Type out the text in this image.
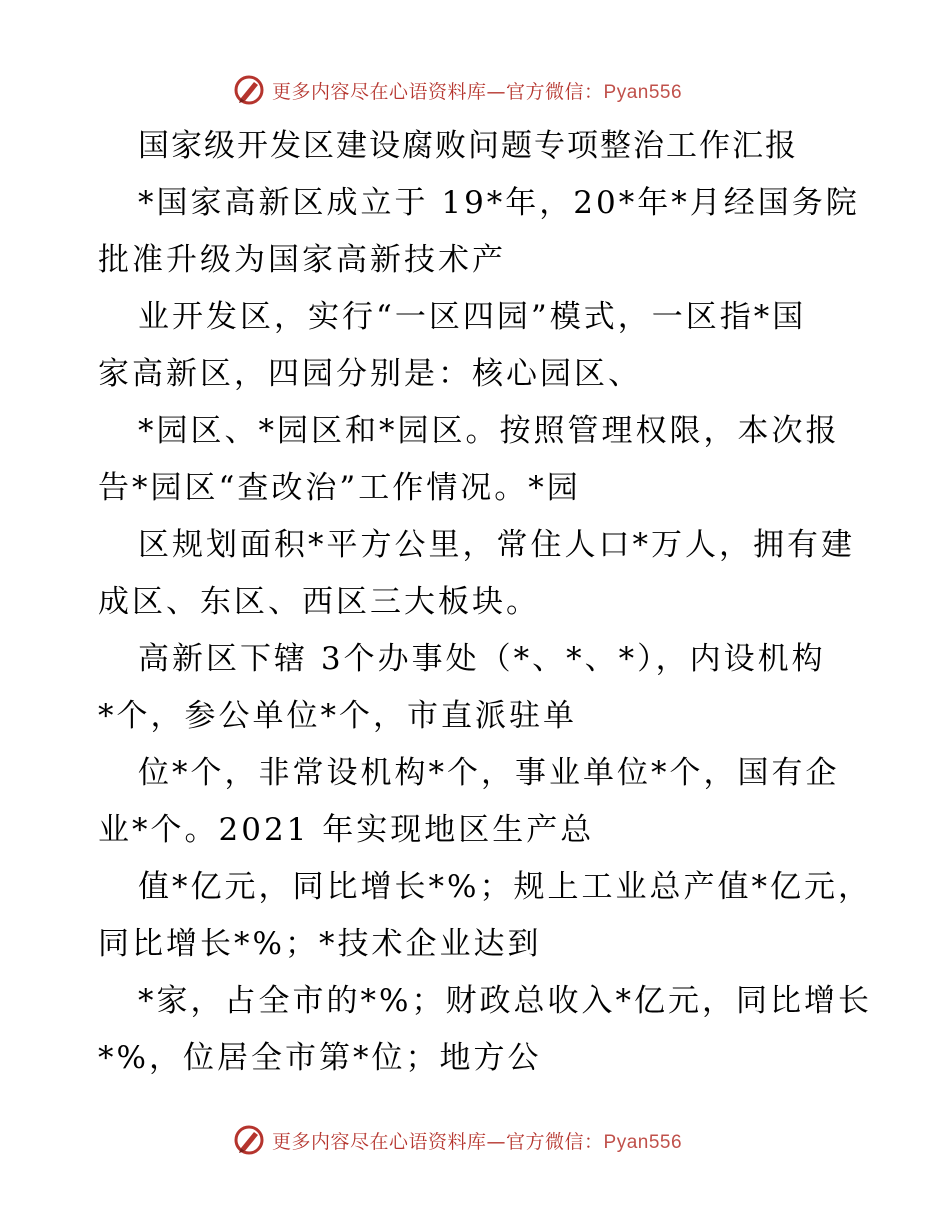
更多内容尽在心语资料库—官方微信：Pyan556
国家级开发区建设腐败问题专项整治工作汇报
*国家高新区成立于 19*年，20*年*月经国务院
批准升级为国家高新技术产
业开发区，实行“一区四园”模式，一区指*国
家高新区，四园分别是：核心园区、
*园区、*园区和*园区。按照管理权限，本次报
告*园区“查改治”工作情况。*园
区规划面积*平方公里，常住人口*万人，拥有建
成区、东区、西区三大板块。
高新区下辖 3个办事处（*、*、*），内设机构
*个，参公单位*个，市直派驻单
位*个，非常设机构*个，事业单位*个，国有企
业*个。2021 年实现地区生产总
值*亿元，同比增长*%；规上工业总产值*亿元，
同比增长*%；*技术企业达到
*家，占全市的*%；财政总收入*亿元，同比增长
*%，位居全市第*位；地方公
更多内容尽在心语资料库—官方微信：Pyan556
